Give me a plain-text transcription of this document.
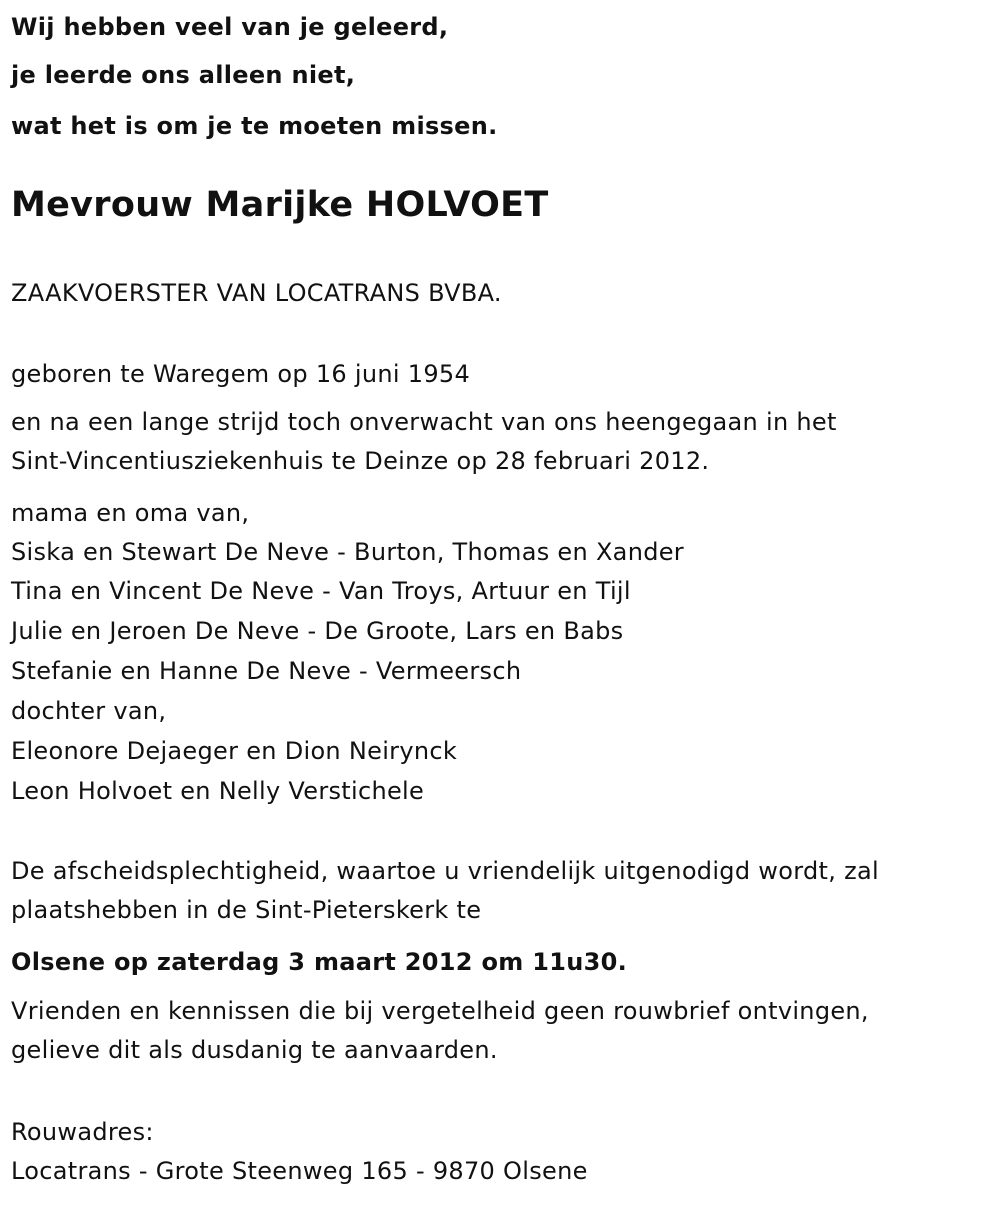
Wij hebben veel van je geleerd,
je leerde ons alleen niet,
wat het is om je te moeten missen.
Mevrouw Marijke HOLVOET
ZAAKVOERSTER VAN LOCATRANS BVBA.
geboren te Waregem op 16 juni 1954
en na een lange strijd toch onverwacht van ons heengegaan in het
Sint-Vincentiusziekenhuis te Deinze op 28 februari 2012.
mama en oma van,
Siska en Stewart De Neve - Burton, Thomas en Xander
Tina en Vincent De Neve - Van Troys, Artuur en Tijl
Julie en Jeroen De Neve - De Groote, Lars en Babs
Stefanie en Hanne De Neve - Vermeersch
dochter van,
Eleonore Dejaeger en Dion Neirynck
Leon Holvoet en Nelly Verstichele
De afscheidsplechtigheid, waartoe u vriendelijk uitgenodigd wordt, zal
plaatshebben in de Sint-Pieterskerk te
Olsene op zaterdag 3 maart 2012 om 11u30.
Vrienden en kennissen die bij vergetelheid geen rouwbrief ontvingen,
gelieve dit als dusdanig te aanvaarden.
Rouwadres:
Locatrans - Grote Steenweg 165 - 9870 Olsene
